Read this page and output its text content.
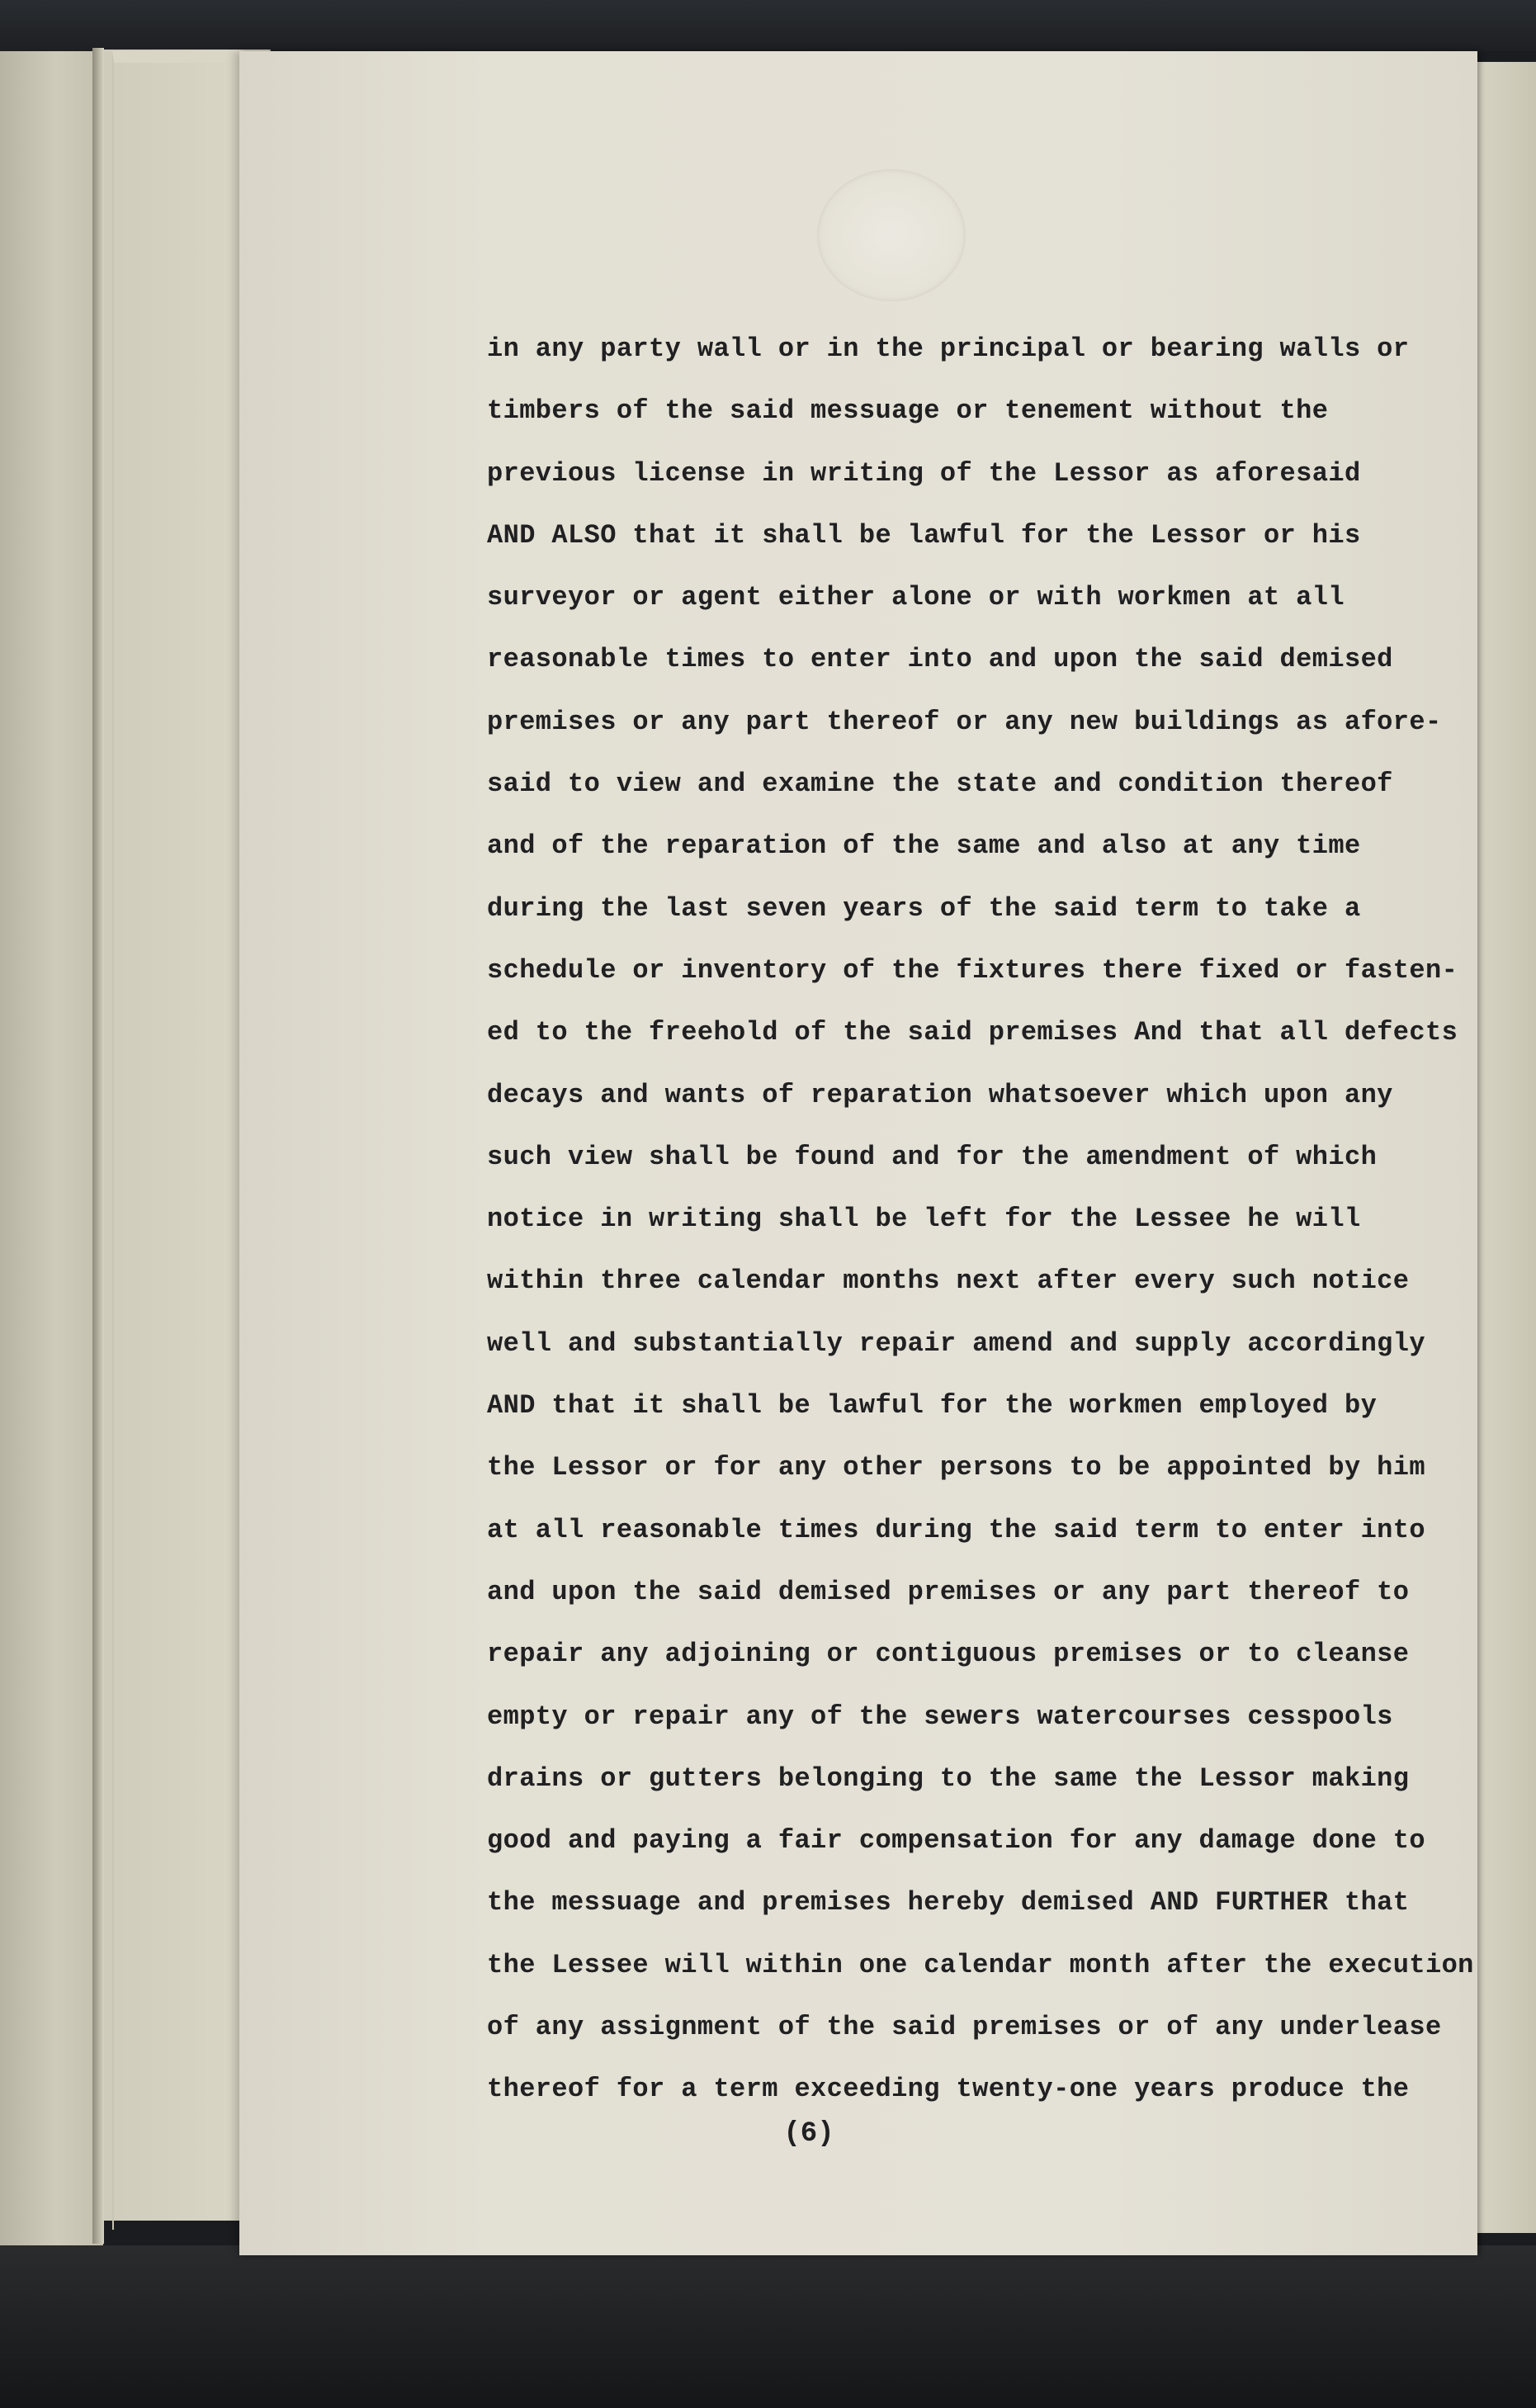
in any party wall or in the principal or bearing walls or
timbers of the said messuage or tenement without the
previous license in writing of the Lessor as aforesaid
AND ALSO that it shall be lawful for the Lessor or his
surveyor or agent either alone or with workmen at all
reasonable times to enter into and upon the said demised
premises or any part thereof or any new buildings as afore-
said to view and examine the state and condition thereof
and of the reparation of the same and also at any time
during the last seven years of the said term to take a
schedule or inventory of the fixtures there fixed or fasten-
ed to the freehold of the said premises And that all defects
decays and wants of reparation whatsoever which upon any
such view shall be found and for the amendment of which
notice in writing shall be left for the Lessee he will
within three calendar months next after every such notice
well and substantially repair amend and supply accordingly
AND that it shall be lawful for the workmen employed by
the Lessor or for any other persons to be appointed by him
at all reasonable times during the said term to enter into
and upon the said demised premises or any part thereof to
repair any adjoining or contiguous premises or to cleanse
empty or repair any of the sewers watercourses cesspools
drains or gutters belonging to the same the Lessor making
good and paying a fair compensation for any damage done to
the messuage and premises hereby demised AND FURTHER that
the Lessee will within one calendar month after the execution
of any assignment of the said premises or of any underlease
thereof for a term exceeding twenty-one years produce the
(6)
